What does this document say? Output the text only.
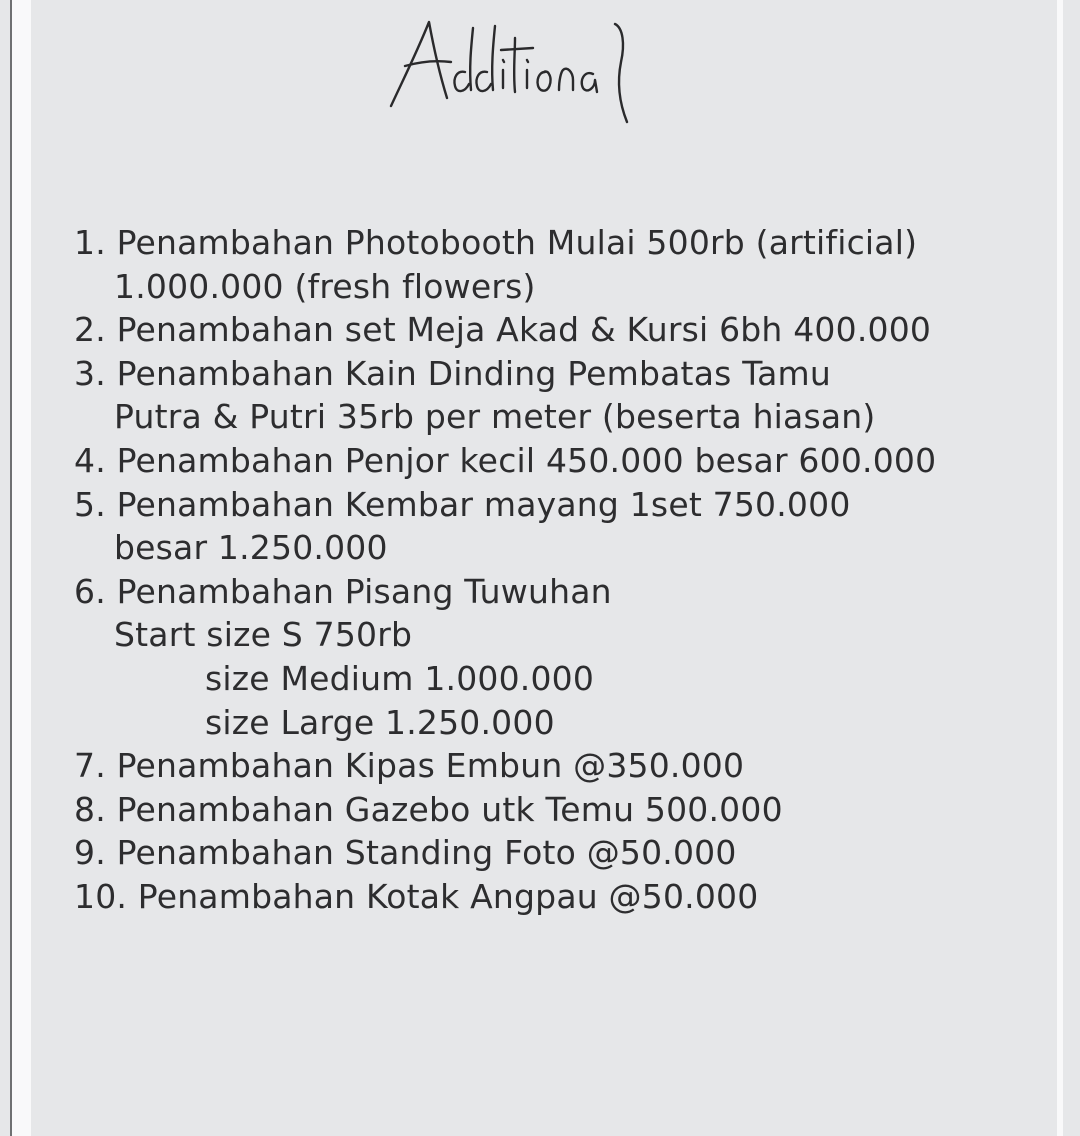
1. Penambahan Photobooth Mulai 500rb (artificial)
1.000.000 (fresh flowers)
2. Penambahan set Meja Akad & Kursi 6bh 400.000
3. Penambahan Kain Dinding Pembatas Tamu
Putra & Putri 35rb per meter (beserta hiasan)
4. Penambahan Penjor kecil 450.000 besar 600.000
5. Penambahan Kembar mayang 1set 750.000
besar 1.250.000
6. Penambahan Pisang Tuwuhan
Start size S 750rb
size Medium 1.000.000
size Large 1.250.000
7. Penambahan Kipas Embun @350.000
8. Penambahan Gazebo utk Temu 500.000
9. Penambahan Standing Foto @50.000
10. Penambahan Kotak Angpau @50.000
